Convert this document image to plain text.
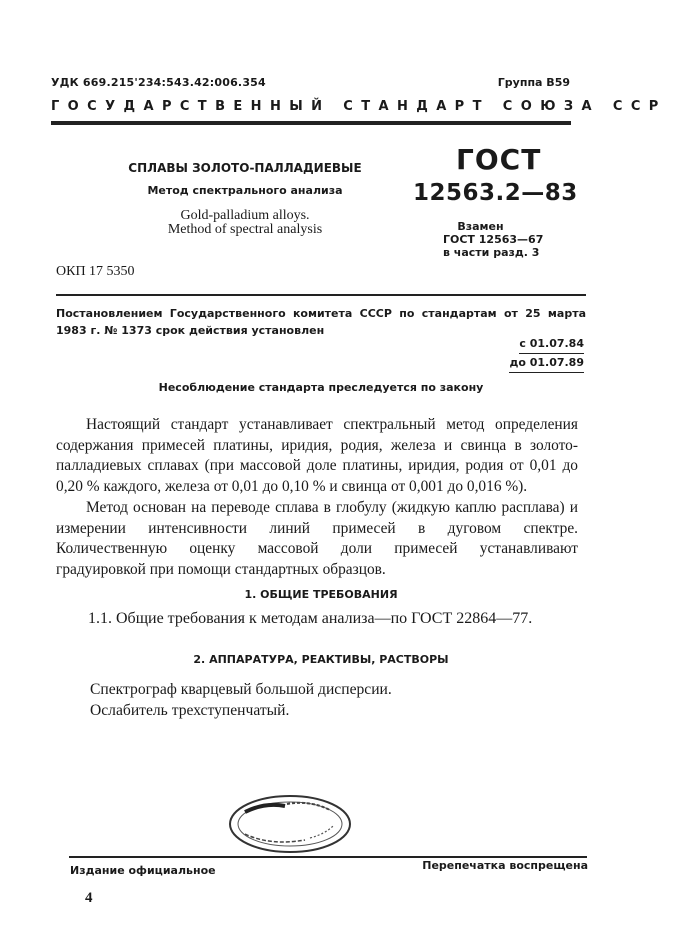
УДК 669.215'234:543.42:006.354	Группа В59
ГОСУДАРСТВЕННЫЙ СТАНДАРТ СОЮЗА ССР
СПЛАВЫ ЗОЛОТО-ПАЛЛАДИЕВЫЕ
Метод спектрального анализа
Gold-palladium alloys.
Method of spectral analysis
ГОСТ
12563.2—83
Взамен
ГОСТ 12563—67
в части разд. 3
ОКП 17 5350
Постановлением Государственного комитета СССР по стандартам от 25 марта 1983 г. № 1373 срок действия установлен
с 01.07.84
до 01.07.89
Несоблюдение стандарта преследуется по закону

Настоящий стандарт устанавливает спектральный метод определения содержания примесей платины, иридия, родия, железа и свинца в золото-палладиевых сплавах (при массовой доле платины, иридия, родия от 0,01 до 0,20 % каждого, железа от 0,01 до 0,10 % и свинца от 0,001 до 0,016 %).

Метод основан на переводе сплава в глобулу (жидкую каплю расплава) и измерении интенсивности линий примесей в дуговом спектре. Количественную оценку массовой доли примесей устанавливают градуировкой при помощи стандартных образцов.

1. ОБЩИЕ ТРЕБОВАНИЯ
1.1. Общие требования к методам анализа—по ГОСТ 22864—77.
2. АППАРАТУРА, РЕАКТИВЫ, РАСТВОРЫ
Спектрограф кварцевый большой дисперсии.
Ослабитель трехступенчатый.
Издание официальное	Перепечатка воспрещена
4
